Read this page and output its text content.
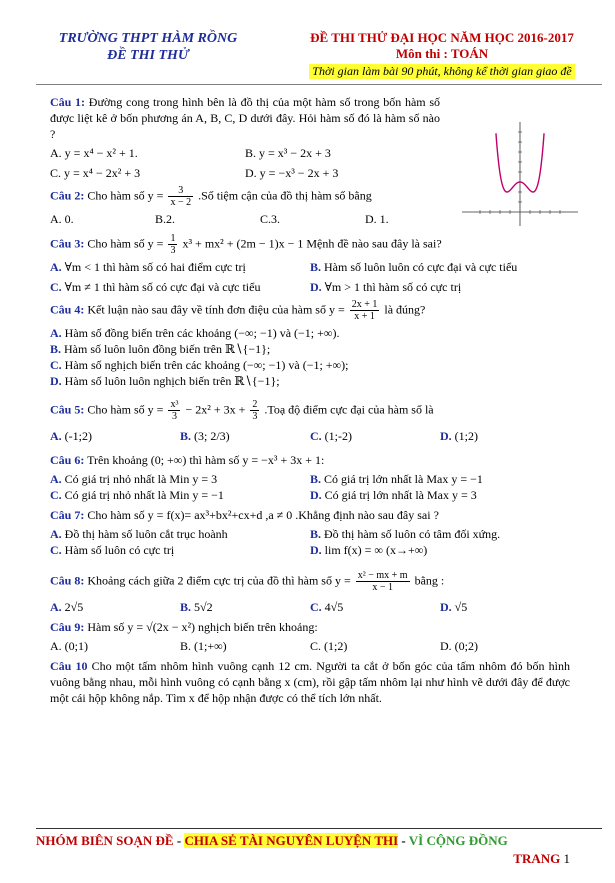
TRƯỜNG THPT HÀM RỒNG
ĐỀ THI THỬ
ĐỀ THI THỬ ĐẠI HỌC NĂM HỌC 2016-2017
Môn thi : TOÁN
Thời gian làm bài 90 phút, không kể thời gian giao đề
Câu 1: Đường cong trong hình bên là đồ thị của một hàm số trong bốn hàm số được liệt kê ở bốn phương án A, B, C, D dưới đây. Hỏi hàm số đó là hàm số nào ?
A. y = x⁴ − x² + 1.	B. y = x³ − 2x + 3
C. y = x⁴ − 2x² + 3	D. y = −x³ − 2x + 3
Câu 2: Cho hàm số $y = \frac{3}{x - 2}$ .Số tiệm cận của đồ thị hàm số bằng
A. 0.	B.2.	C.3.	D. 1.
Câu 3: Cho hàm số $y = \frac{1}{3} x^3 + mx^2 + (2m - 1)x - 1$ Mệnh đề nào sau đây là sai?
A. ∀m < 1 thì hàm số có hai điểm cực trị	B. Hàm số luôn luôn có cực đại và cực tiểu
C. ∀m ≠ 1 thì hàm số có cực đại và cực tiểu	D. ∀m > 1 thì hàm số có cực trị
Câu 4: Kết luận nào sau đây về tính đơn điệu của hàm số $y = \frac{2x + 1}{x + 1}$ là đúng?
A. Hàm số đồng biến trên các khoảng (−∞; −1) và (−1; +∞).
B. Hàm số luôn luôn đồng biến trên ℝ∖{−1};
C. Hàm số nghịch biến trên các khoảng (−∞; −1) và (−1; +∞);
D. Hàm số luôn luôn nghịch biến trên ℝ∖{−1};
Câu 5: Cho hàm số $y = \frac{\text{x³}}{3} - 2x^2 + 3x + \frac{2}{3}$ .Toạ độ điểm cực đại của hàm số là
A. (-1;2)	B. (3; 2/3)	C. (1;-2)	D. (1;2)
Câu 6: Trên khoảng (0; +∞) thì hàm số y = −x³ + 3x + 1:
A. Có giá trị nhỏ nhất là Min y = 3	B. Có giá trị lớn nhất là Max y = −1
C. Có giá trị nhỏ nhất là Min y = −1	D. Có giá trị lớn nhất là Max y = 3
Câu 7: Cho hàm số y = f(x)= ax³+bx²+cx+d ,a ≠ 0 .Khẳng định nào sau đây sai ?
A. Đồ thị hàm số luôn cắt trục hoành	B. Đồ thị hàm số luôn có tâm đối xứng.
C. Hàm số luôn có cực trị	D. lim f(x) = ∞ (x→+∞)
Câu 8: Khoảng cách giữa 2 điểm cực trị của đồ thì hàm số $y = \frac{\text{x² − mx + m}}{x - 1}$ bằng :
A. 2√5	B. 5√2	C. 4√5	D. √5
Câu 9: Hàm số y = √(2x − x²) nghịch biến trên khoảng:
A. (0;1)	B. (1;+∞)	C. (1;2)	D. (0;2)
Câu 10 Cho một tấm nhôm hình vuông cạnh 12 cm. Người ta cắt ở bốn góc của tấm nhôm đó bốn hình vuông bằng nhau, mỗi hình vuông có cạnh bằng x (cm), rồi gập tấm nhôm lại như hình vẽ dưới đây để được một cái hộp không nắp. Tìm x để hộp nhận được có thể tích lớn nhất.
NHÓM BIÊN SOẠN ĐỀ - CHIA SẺ TÀI NGUYÊN LUYỆN THI - VÌ CỘNG ĐỒNG
TRANG 1
